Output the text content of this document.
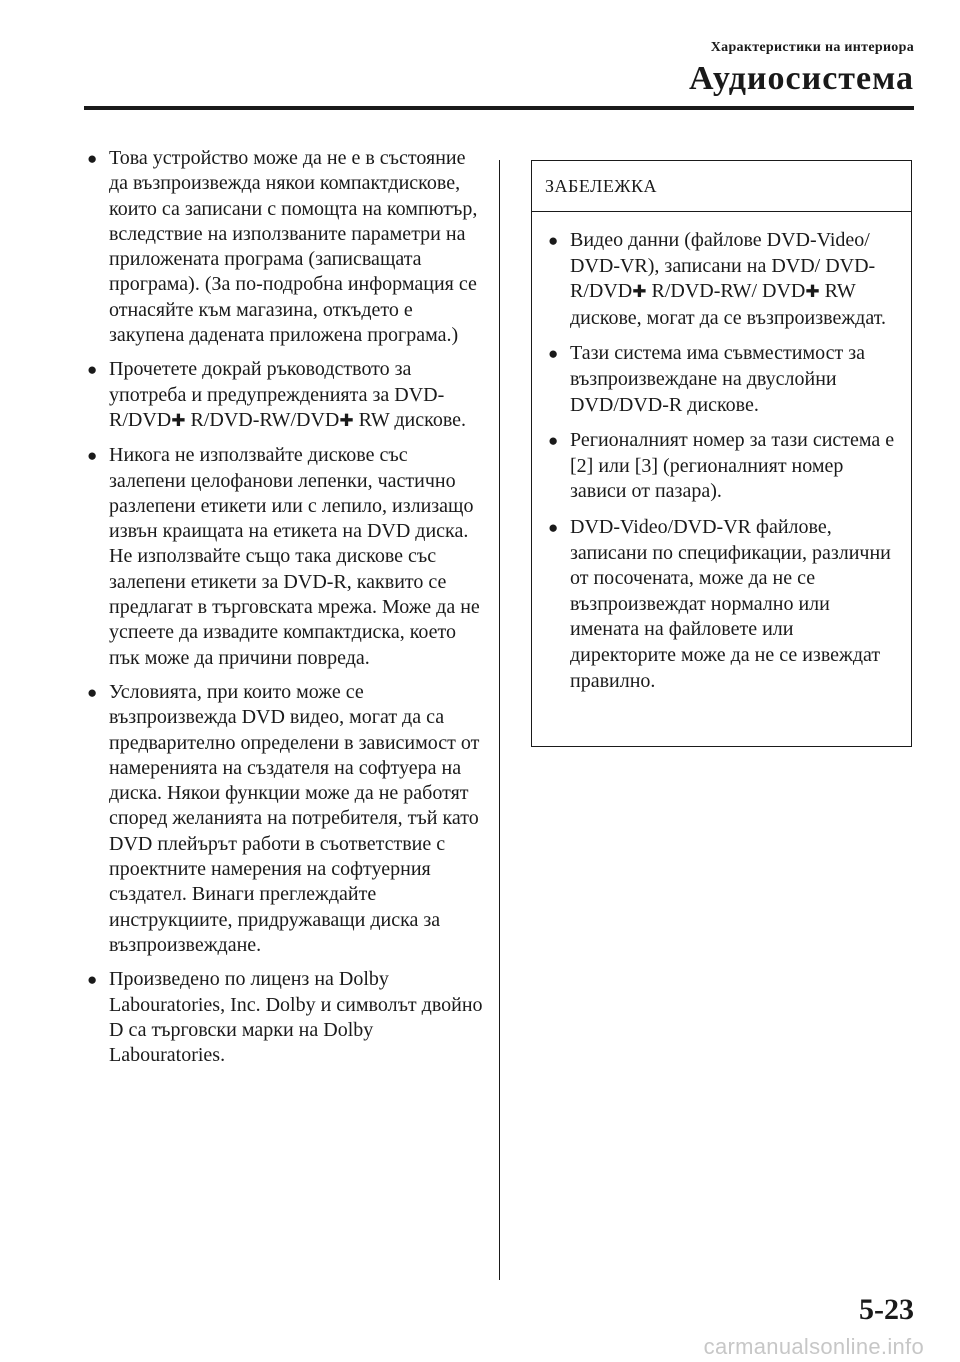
Характеристики на интериора
Аудиосистема
● Това устройство може да не е в състояние да възпроизвежда някои компактдискове, които са записани с помощта на компютър, вследствие на използваните параметри на приложената програма (записващата програма). (За по-подробна информация се отнасяйте към магазина, откъдето е закупена дадената приложена програма.)
● Прочетете докрай ръководството за употреба и предупрежденията за DVD-R/DVD✚ R/DVD-RW/DVD✚ RW дискове.
● Никога не използвайте дискове със залепени целофанови лепенки, частично разлепени етикети или с лепило, излизащо извън краищата на етикета на DVD диска. Не използвайте също така дискове със залепени етикети за DVD-R, каквито се предлагат в търговската мрежа. Може да не успеете да извадите компактдиска, което пък може да причини повреда.
● Условията, при които може се възпроизвежда DVD видео, могат да са предварително определени в зависимост от намеренията на създателя на софтуера на диска. Някои функции може да не работят според желанията на потребителя, тъй като DVD плейърът работи в съответствие с проектните намерения на софтуерния създател. Винаги преглеждайте инструкциите, придружаващи диска за възпроизвеждане.
● Произведено по лиценз на Dolby Labouratories, Inc. Dolby и символът двойно D са търговски марки на Dolby Labouratories.
ЗАБЕЛЕЖКА
● Видео данни (файлове DVD-Video/ DVD-VR), записани на DVD/ DVD-R/DVD✚ R/DVD-RW/ DVD✚ RW дискове, могат да се възпроизвеждат.
● Тази система има съвместимост за възпроизвеждане на двуслойни DVD/DVD-R дискове.
● Регионалният номер за тази система е [2] или [3] (регионалният номер зависи от пазара).
● DVD-Video/DVD-VR файлове, записани по спецификации, различни от посочената, може да не се възпроизвеждат нормално или имената на файловете или директорите може да не се извеждат правилно.
5-23
carmanualsonline.info
